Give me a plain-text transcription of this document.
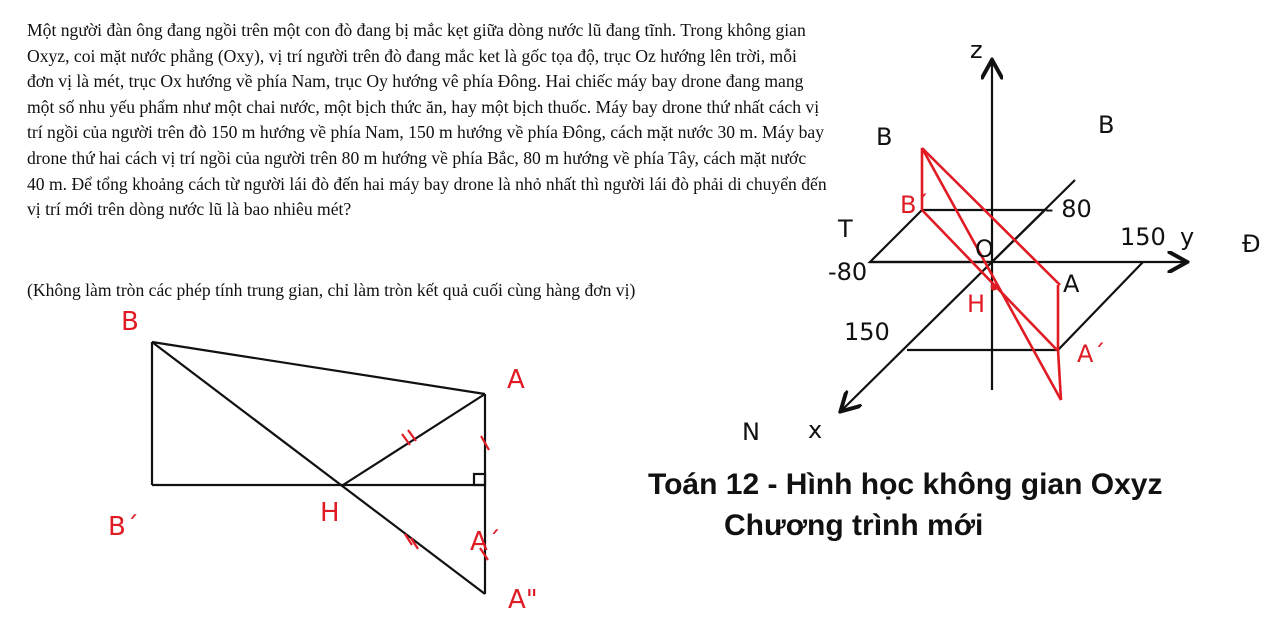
Một người đàn ông đang ngồi trên một con đò đang bị mắc kẹt giữa dòng nước lũ đang tĩnh. Trong không gian Oxyz, coi mặt nước phẳng (Oxy), vị trí người trên đò đang mắc ket là gốc tọa độ, trục Oz hướng lên trời, mỗi đơn vị là mét, trục Ox hướng về phía Nam, trục Oy hướng vê phía Đông. Hai chiếc máy bay drone đang mang một số nhu yếu phẩm như một chai nước, một bịch thức ăn, hay một bịch thuốc. Máy bay drone thứ nhất cách vị trí ngồi của người trên đò 150 m hướng về phía Nam, 150 m hướng về phía Đông, cách mặt nước 30 m. Máy bay drone thứ hai cách vị trí ngồi của người trên 80 m hướng về phía Bắc, 80 m hướng về phía Tây, cách mặt nước 40 m. Để tổng khoảng cách từ người lái đò đến hai máy bay drone là nhỏ nhất thì người lái đò phải di chuyển đến vị trí mới trên dòng nước lũ là bao nhiêu mét?

(Không làm tròn các phép tính trung gian, chỉ làm tròn kết quả cuối cùng hàng đơn vị)

Toán 12 - Hình học không gian Oxyz
Chương trình mới
B
A
B´	H
A´
A"
z
y
x
O
B	B
T
- 80
-80
150
150
Đ
N
A
B´
A´
H
